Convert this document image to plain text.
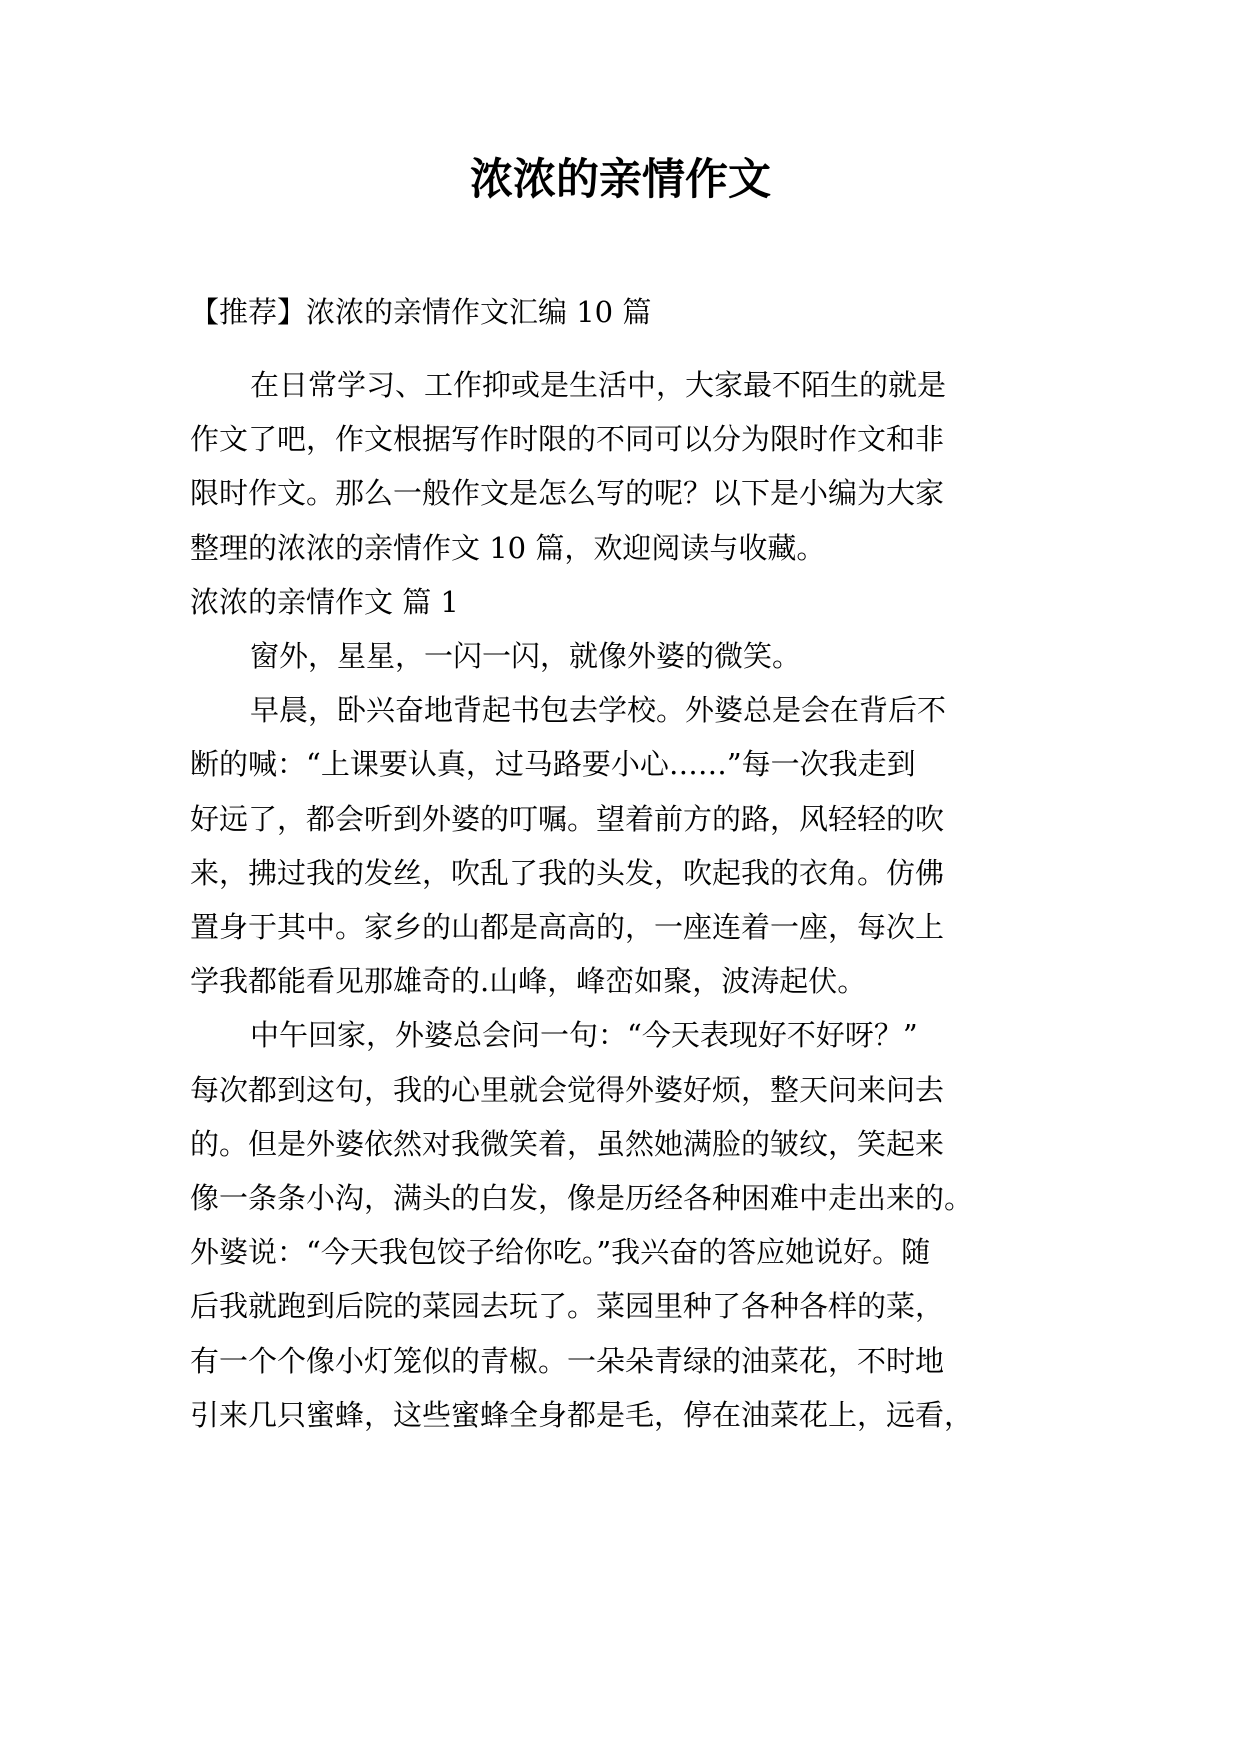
浓浓的亲情作文
【推荐】浓浓的亲情作文汇编 10 篇
在日常学习、工作抑或是生活中，大家最不陌生的就是
作文了吧，作文根据写作时限的不同可以分为限时作文和非
限时作文。那么一般作文是怎么写的呢？以下是小编为大家
整理的浓浓的亲情作文 10 篇，欢迎阅读与收藏。
浓浓的亲情作文 篇 1
窗外，星星，一闪一闪，就像外婆的微笑。
早晨，卧兴奋地背起书包去学校。外婆总是会在背后不
断的喊：“上课要认真，过马路要小心……”每一次我走到
好远了，都会听到外婆的叮嘱。望着前方的路，风轻轻的吹
来，拂过我的发丝，吹乱了我的头发，吹起我的衣角。仿佛
置身于其中。家乡的山都是高高的，一座连着一座，每次上
学我都能看见那雄奇的.山峰，峰峦如聚，波涛起伏。
中午回家，外婆总会问一句：“今天表现好不好呀？”
每次都到这句，我的心里就会觉得外婆好烦，整天问来问去
的。但是外婆依然对我微笑着，虽然她满脸的皱纹，笑起来
像一条条小沟，满头的白发，像是历经各种困难中走出来的。
外婆说：“今天我包饺子给你吃。”我兴奋的答应她说好。随
后我就跑到后院的菜园去玩了。菜园里种了各种各样的菜，
有一个个像小灯笼似的青椒。一朵朵青绿的油菜花，不时地
引来几只蜜蜂，这些蜜蜂全身都是毛，停在油菜花上，远看，
